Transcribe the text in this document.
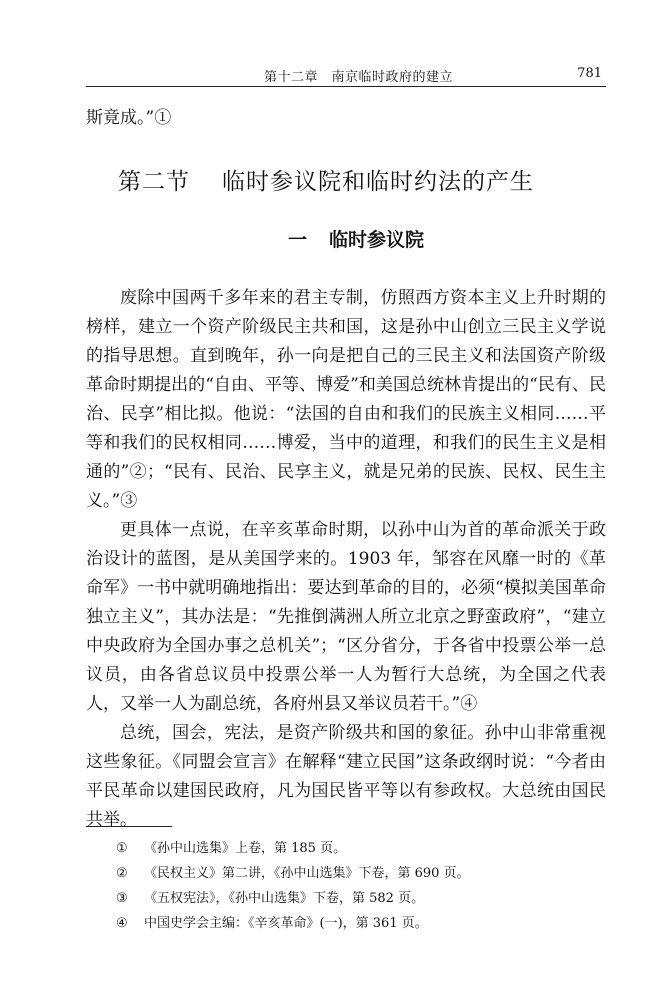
第十二章　南京临时政府的建立	781
斯竟成。”①
第二节 临时参议院和临时约法的产生
一 临时参议院

废除中国两千多年来的君主专制，仿照西方资本主义上升时期的榜样，建立一个资产阶级民主共和国，这是孙中山创立三民主义学说的指导思想。直到晚年，孙一向是把自己的三民主义和法国资产阶级革命时期提出的“自由、平等、博爱”和美国总统林肯提出的“民有、民治、民享”相比拟。他说：“法国的自由和我们的民族主义相同……平等和我们的民权相同……博爱，当中的道理，和我们的民生主义是相通的”②；“民有、民治、民享主义，就是兄弟的民族、民权、民生主义。”③

更具体一点说，在辛亥革命时期，以孙中山为首的革命派关于政治设计的蓝图，是从美国学来的。1903 年，邹容在风靡一时的《革命军》一书中就明确地指出：要达到革命的目的，必须“模拟美国革命独立主义”，其办法是：“先推倒满洲人所立北京之野蛮政府”，“建立中央政府为全国办事之总机关”；“区分省分，于各省中投票公举一总议员，由各省总议员中投票公举一人为暂行大总统，为全国之代表人，又举一人为副总统，各府州县又举议员若干。”④

总统，国会，宪法，是资产阶级共和国的象征。孙中山非常重视这些象征。《同盟会宣言》在解释“建立民国”这条政纲时说：“今者由平民革命以建国民政府，凡为国民皆平等以有参政权。大总统由国民共举。

① 《孙中山选集》上卷，第 185 页。
② 《民权主义》第二讲，《孙中山选集》下卷，第 690 页。
③ 《五权宪法》，《孙中山选集》下卷，第 582 页。
④ 中国史学会主编：《辛亥革命》(一)，第 361 页。
